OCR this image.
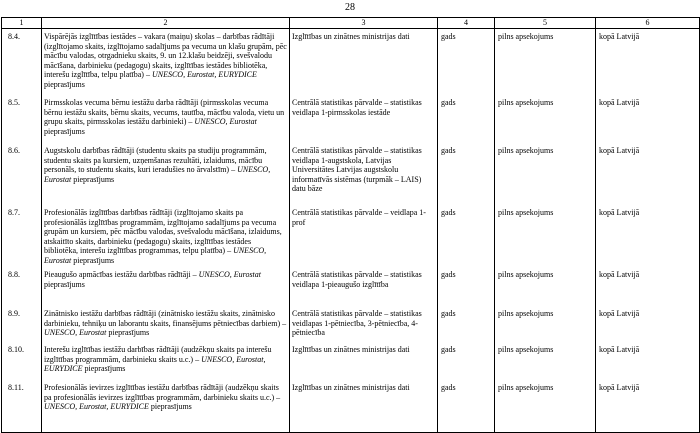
28
1	2	3	4	5	6
8.4.	Vispārējās izglītības iestādes – vakara (maiņu) skolas – darbības rādītāji (izglītojamo skaits, izglītojamo sadalījums pa vecuma un klašu grupām, pēc mācību valodas, otrgadnieku skaits, 9. un 12.klašu beidzēji, svešvalodu mācīšana, darbinieku (pedagogu) skaits, izglītības iestādes bibliotēka, interešu izglītība, telpu platība) – UNESCO, Eurostat, EURYDICE pieprasījums	Izglītības un zinātnes ministrijas dati	gads	pilns apsekojums	kopā Latvijā
8.5.	Pirmsskolas vecuma bērnu iestāžu darba rādītāji (pirmsskolas vecuma bērnu iestāžu skaits, bērnu skaits, vecums, tautība, mācību valoda, vietu un grupu skaits, pirmsskolas iestāžu darbinieki) – UNESCO, Eurostat pieprasījums	Centrālā statistikas pārvalde – statistikas veidlapa 1-pirmsskolas iestāde	gads	pilns apsekojums	kopā Latvijā
8.6.	Augstskolu darbības rādītāji (studentu skaits pa studiju programmām, studentu skaits pa kursiem, uzņemšanas rezultāti, izlaidums, mācību personāls, to studentu skaits, kuri ieradušies no ārvalstīm) – UNESCO, Eurostat pieprasījums	Centrālā statistikas pārvalde – statistikas veidlapa 1-augstskola, Latvijas Universitātes Latvijas augstskolu informatīvās sistēmas (turpmāk – LAIS) datu bāze	gads	pilns apsekojums	kopā Latvijā
8.7.	Profesionālās izglītības darbības rādītāji (izglītojamo skaits pa profesionālās izglītības programmām, izglītojamo sadalījums pa vecuma grupām un kursiem, pēc mācību valodas, svešvalodu mācīšana, izlaidums, atskaitīto skaits, darbinieku (pedagogu) skaits, izglītības iestādes bibliotēka, interešu izglītības programmas, telpu platība) – UNESCO, Eurostat pieprasījums	Centrālā statistikas pārvalde – veidlapa 1-prof	gads	pilns apsekojums	kopā Latvijā
8.8.	Pieaugušo apmācības iestāžu darbības rādītāji – UNESCO, Eurostat pieprasījums	Centrālā statistikas pārvalde – statistikas veidlapa 1-pieaugušo izglītība	gads	pilns apsekojums	kopā Latvijā
8.9.	Zinātnisko iestāžu darbības rādītāji (zinātnisko iestāžu skaits, zinātnisko darbinieku, tehniķu un laborantu skaits, finansējums pētniecības darbiem) – UNESCO, Eurostat pieprasījums	Centrālā statistikas pārvalde – statistikas veidlapas 1-pētniecība, 3-pētniecība, 4-pētniecība	gads	pilns apsekojums	kopā Latvijā
8.10.	Interešu izglītības iestāžu darbības rādītāji (audzēkņu skaits pa interešu izglītības programmām, darbinieku skaits u.c.) – UNESCO, Eurostat, EURYDICE pieprasījums	Izglītības un zinātnes ministrijas dati	gads	pilns apsekojums	kopā Latvijā
8.11.	Profesionālās ievirzes izglītības iestāžu darbības rādītāji (audzēkņu skaits pa profesionālās ievirzes izglītības programmām, darbinieku skaits u.c.) – UNESCO, Eurostat, EURYDICE pieprasījums	Izglītības un zinātnes ministrijas dati	gads	pilns apsekojums	kopā Latvijā
